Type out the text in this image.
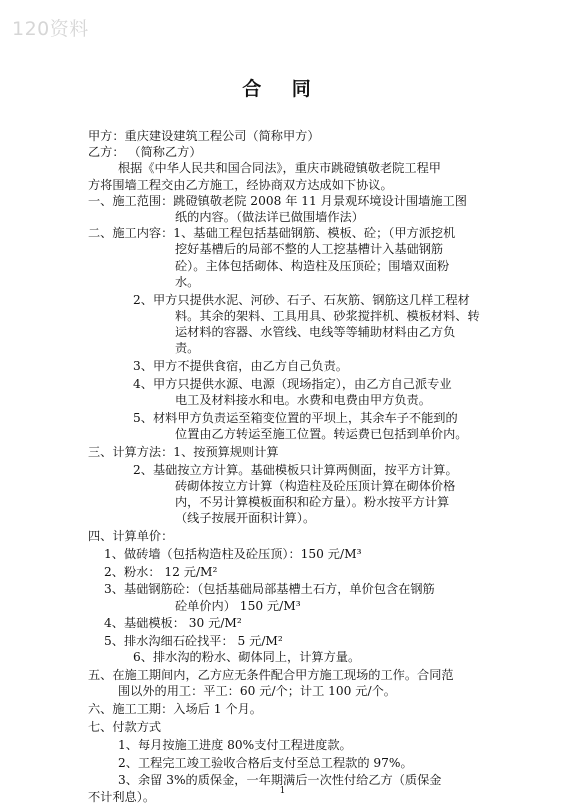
120资料
合 同
甲方：重庆建设建筑工程公司（简称甲方）
乙方： （简称乙方）
根据《中华人民共和国合同法》，重庆市跳磴镇敬老院工程甲
方将围墙工程交由乙方施工，经协商双方达成如下协议。
一、施工范围：跳磴镇敬老院 2008 年 11 月景观环境设计围墙施工图
纸的内容。（做法详已做围墙作法）
二、施工内容：1、基础工程包括基础钢筋、模板、砼；（甲方派挖机
挖好基槽后的局部不整的人工挖基槽计入基础钢筋
砼）。主体包括砌体、构造柱及压顶砼；围墙双面粉
水。
2、甲方只提供水泥、河砂、石子、石灰筋、钢筋这几样工程材
料。其余的架料、工具用具、砂浆搅拌机、模板材料、转
运材料的容器、水管线、电线等等辅助材料由乙方负
责。
3、甲方不提供食宿，由乙方自己负责。
4、甲方只提供水源、电源（现场指定），由乙方自己派专业
电工及材料接水和电。水费和电费由甲方负责。
5、材料甲方负责运至箱变位置的平坝上，其余车子不能到的
位置由乙方转运至施工位置。转运费已包括到单价内。
三、计算方法：1、按预算规则计算
2、基础按立方计算。基础模板只计算两侧面，按平方计算。
砖砌体按立方计算（构造柱及砼压顶计算在砌体价格
内，不另计算模板面积和砼方量）。粉水按平方计算
（线子按展开面积计算）。
四、计算单价：
1、做砖墙（包括构造柱及砼压顶）：150 元/M³
2、粉水： 12 元/M²
3、基础钢筋砼：（包括基础局部基槽土石方，单价包含在钢筋
砼单价内） 150 元/M³
4、基础模板： 30 元/M²
5、排水沟细石砼找平： 5 元/M²
6、排水沟的粉水、砌体同上，计算方量。
五、在施工期间内，乙方应无条件配合甲方施工现场的工作。合同范
围以外的用工：平工：60 元/个；计工 100 元/个。
六、施工工期：入场后 1 个月。
七、付款方式
1、每月按施工进度 80%支付工程进度款。
2、工程完工竣工验收合格后支付至总工程款的 97%。
3、余留 3%的质保金，一年期满后一次性付给乙方（质保金
不计利息）。	1
